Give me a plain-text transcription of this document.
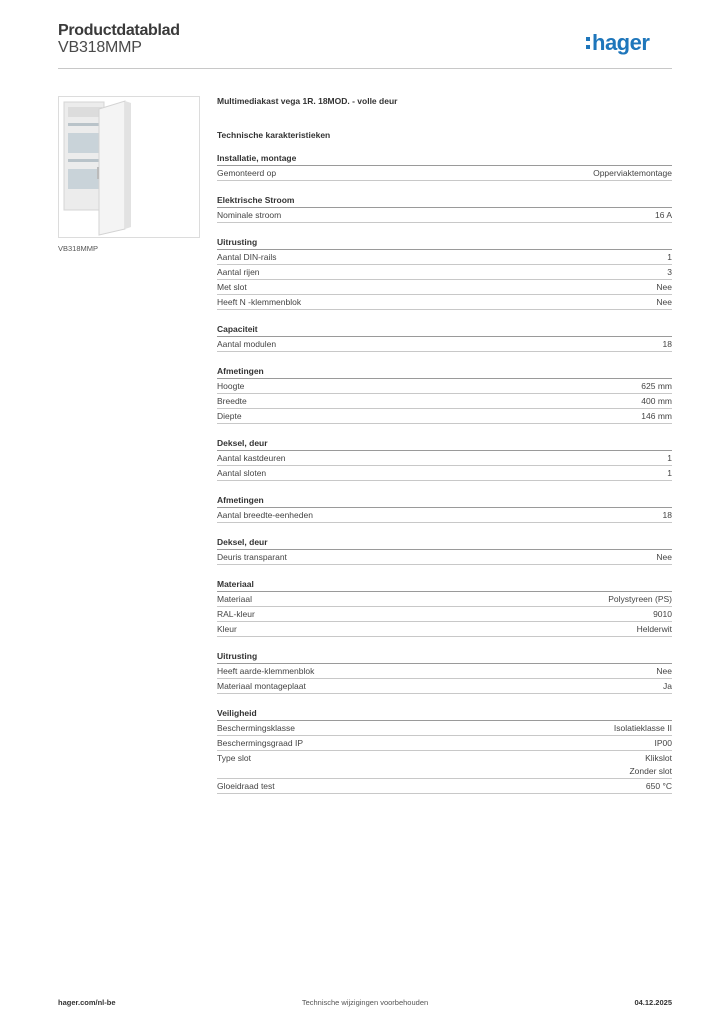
Productdatablad
VB318MMP	hager
VB318MMP
Multimediakast vega 1R. 18MOD. - volle deur
Technische karakteristieken
Installatie, montage
Gemonteerd op	Opperviaktemontage
Elektrische Stroom
Nominale stroom	16 A
Uitrusting
Aantal DIN-rails	1
Aantal rijen	3
Met slot	Nee
Heeft N -klemmenblok	Nee
Capaciteit
Aantal modulen	18
Afmetingen
Hoogte	625 mm
Breedte	400 mm
Diepte	146 mm
Deksel, deur
Aantal kastdeuren	1
Aantal sloten	1
Afmetingen
Aantal breedte-eenheden	18
Deksel, deur
Deuris transparant	Nee
Materiaal
Materiaal	Polystyreen (PS)
RAL-kleur	9010
Kleur	Helderwit
Uitrusting
Heeft aarde-klemmenblok	Nee
Materiaal montageplaat	Ja
Veiligheid
Beschermingsklasse	Isolatieklasse II
Beschermingsgraad IP	IP00
Type slot	Klikslot
Zonder slot
Gloeidraad test	650 °C
Technische wijzigingen voorbehouden
hager.com/nl-be	04.12.2025
